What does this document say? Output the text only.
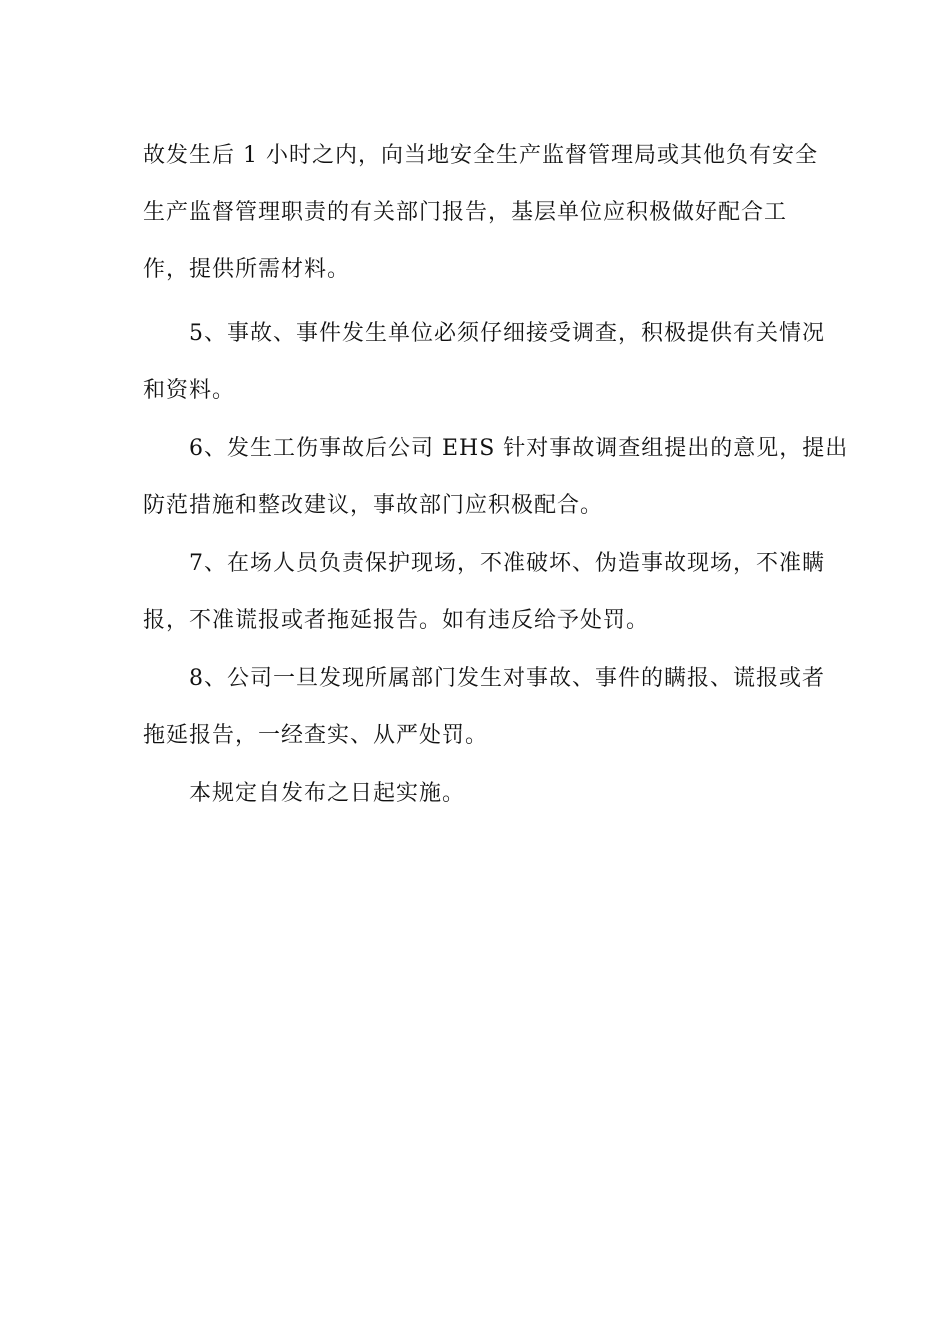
故发生后 1 小时之内，向当地安全生产监督管理局或其他负有安全
生产监督管理职责的有关部门报告，基层单位应积极做好配合工
作，提供所需材料。

5、事故、事件发生单位必须仔细接受调查，积极提供有关情况
和资料。

6、发生工伤事故后公司 EHS 针对事故调查组提出的意见，提出
防范措施和整改建议，事故部门应积极配合。

7、在场人员负责保护现场，不准破坏、伪造事故现场，不准瞒
报，不准谎报或者拖延报告。如有违反给予处罚。

8、公司一旦发现所属部门发生对事故、事件的瞒报、谎报或者
拖延报告，一经查实、从严处罚。

本规定自发布之日起实施。
